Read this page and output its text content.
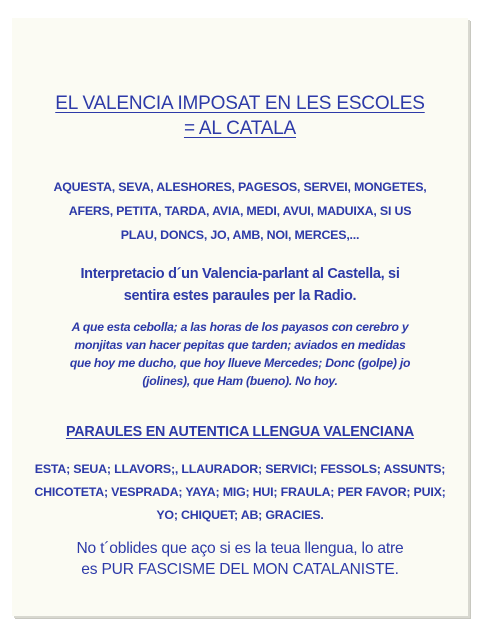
EL VALENCIA IMPOSAT EN LES ESCOLES
= AL CATALA
AQUESTA, SEVA, ALESHORES, PAGESOS, SERVEI, MONGETES,
AFERS, PETITA, TARDA, AVIA, MEDI, AVUI, MADUIXA, SI US
PLAU, DONCS, JO, AMB, NOI, MERCES,...
Interpretacio d´un Valencia-parlant al Castella, si
sentira estes paraules per la Radio.
A que esta cebolla; a las horas de los payasos con cerebro y
monjitas van hacer pepitas que tarden; aviados en medidas
que hoy me ducho, que hoy llueve Mercedes; Donc (golpe) jo
(jolines), que Ham (bueno). No hoy.
PARAULES EN AUTENTICA LLENGUA VALENCIANA
ESTA; SEUA; LLAVORS;, LLAURADOR; SERVICI; FESSOLS; ASSUNTS;
CHICOTETA; VESPRADA; YAYA; MIG; HUI; FRAULA; PER FAVOR; PUIX;
YO; CHIQUET; AB; GRACIES.
No t´oblides que aço si es la teua llengua, lo atre
es PUR FASCISME DEL MON CATALANISTE.
